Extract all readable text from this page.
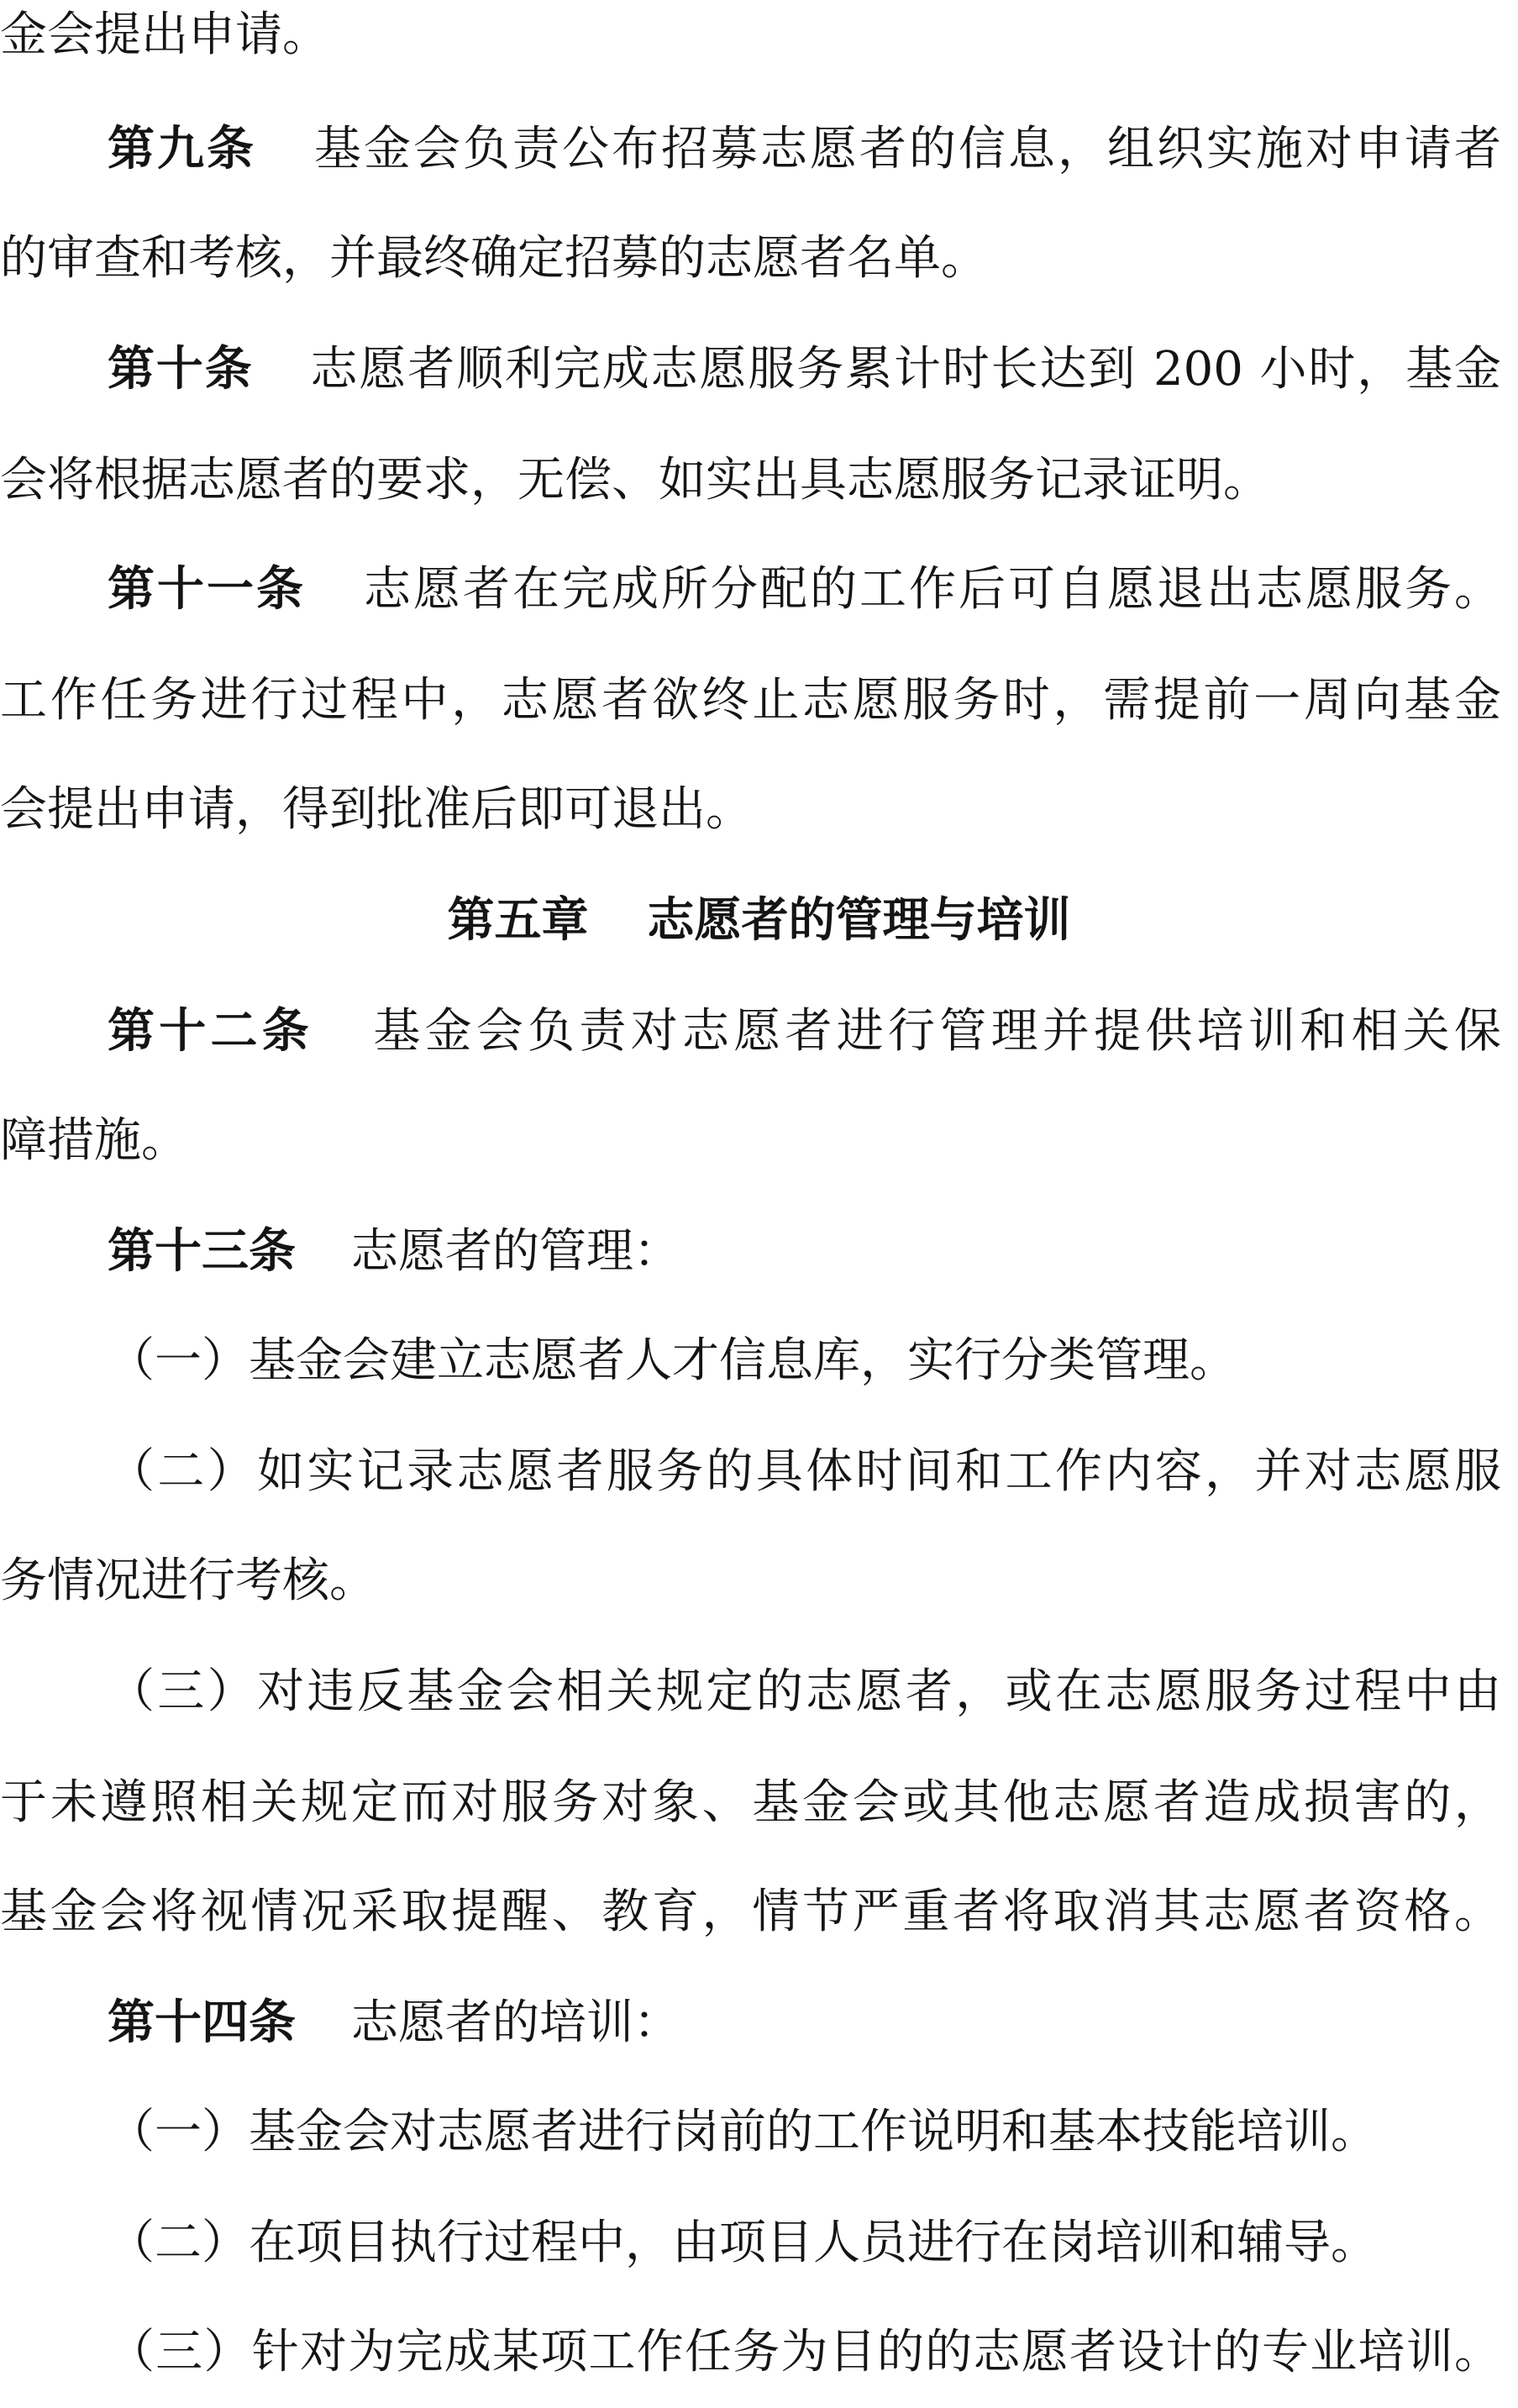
金会提出申请。
第九条 基金会负责公布招募志愿者的信息，组织实施对申请者
的审查和考核，并最终确定招募的志愿者名单。
第十条 志愿者顺利完成志愿服务累计时长达到 200 小时，基金
会将根据志愿者的要求，无偿、如实出具志愿服务记录证明。
第十一条 志愿者在完成所分配的工作后可自愿退出志愿服务。
工作任务进行过程中，志愿者欲终止志愿服务时，需提前一周向基金
会提出申请，得到批准后即可退出。
第五章 志愿者的管理与培训
第十二条 基金会负责对志愿者进行管理并提供培训和相关保
障措施。
第十三条 志愿者的管理：
（一）基金会建立志愿者人才信息库，实行分类管理。
（二）如实记录志愿者服务的具体时间和工作内容，并对志愿服
务情况进行考核。
（三）对违反基金会相关规定的志愿者，或在志愿服务过程中由
于未遵照相关规定而对服务对象、基金会或其他志愿者造成损害的，
基金会将视情况采取提醒、教育，情节严重者将取消其志愿者资格。
第十四条 志愿者的培训：
（一）基金会对志愿者进行岗前的工作说明和基本技能培训。
（二）在项目执行过程中，由项目人员进行在岗培训和辅导。
（三）针对为完成某项工作任务为目的的志愿者设计的专业培训。
